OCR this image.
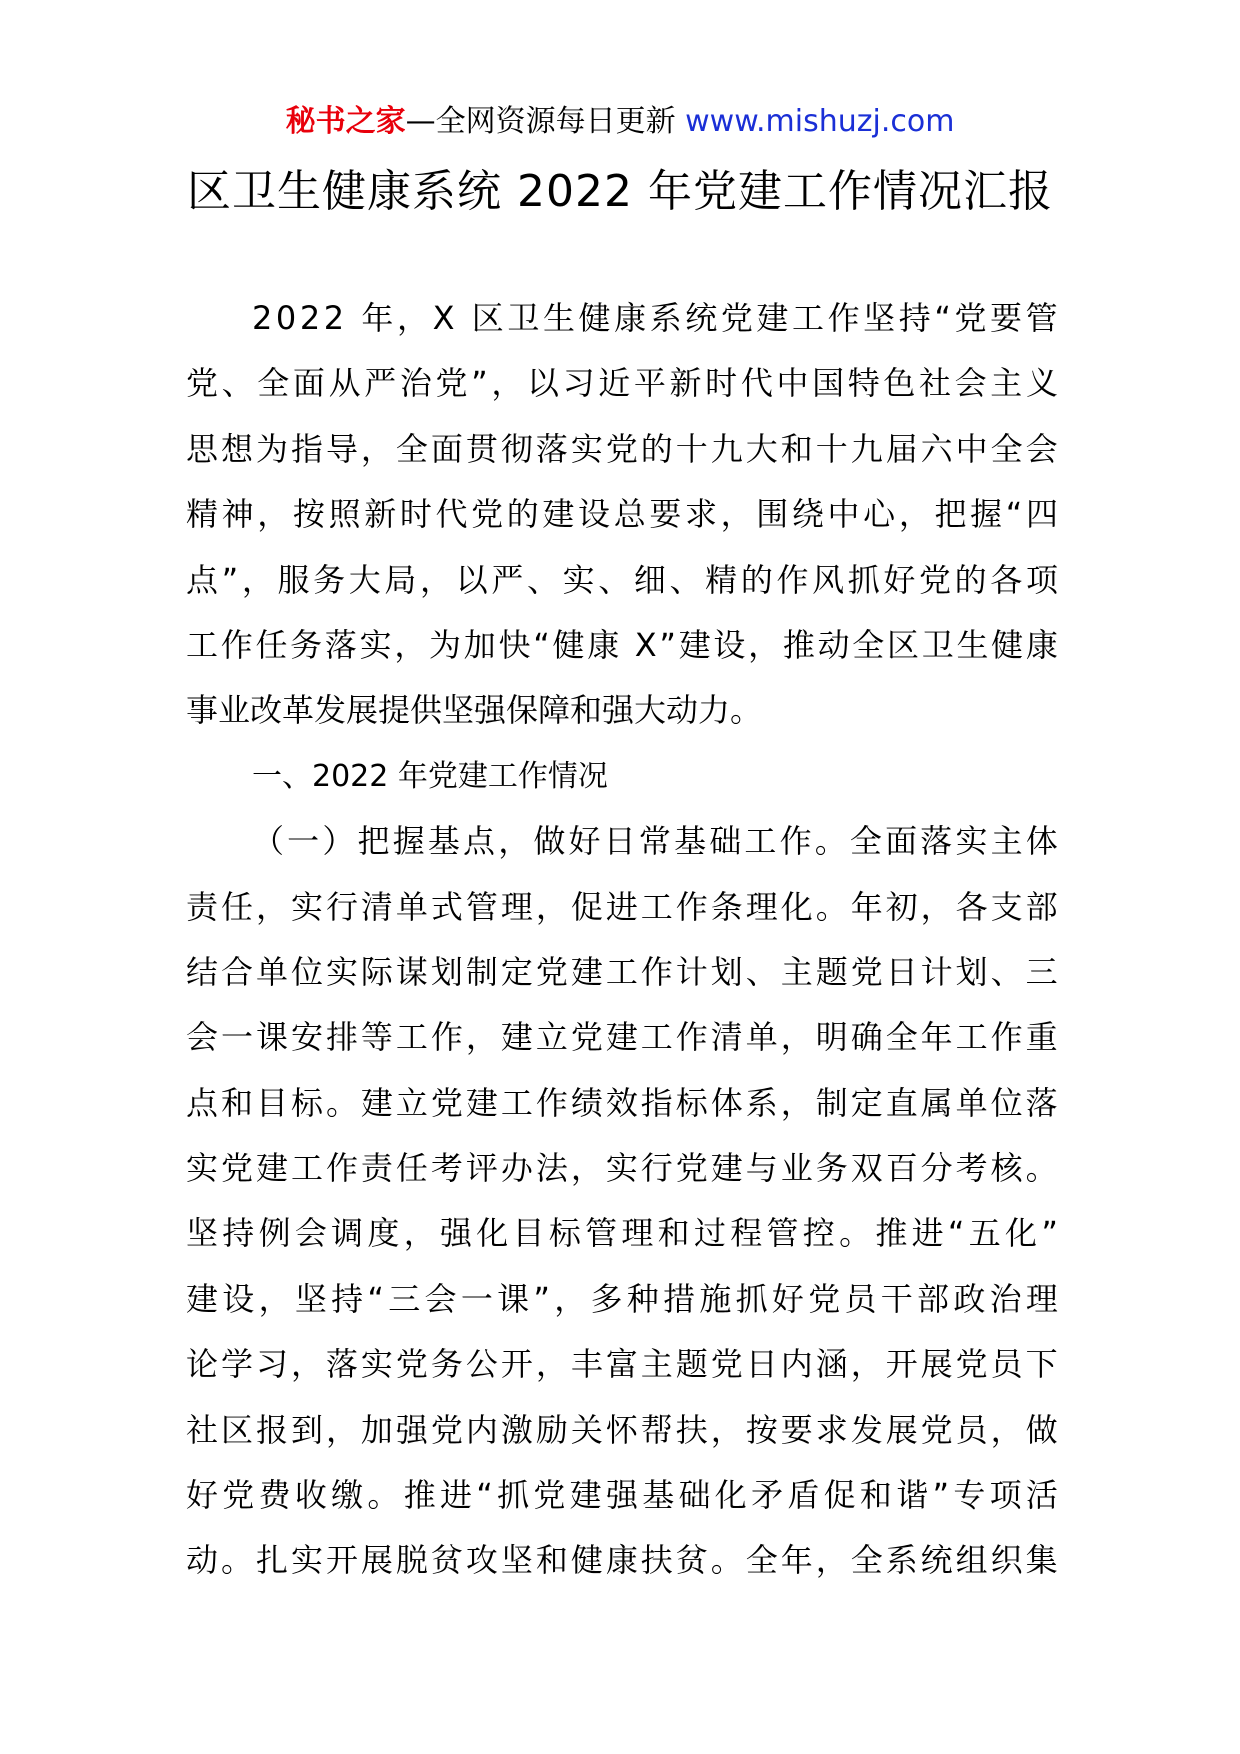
秘书之家—全网资源每日更新 www.mishuzj.com
区卫生健康系统 2022 年党建工作情况汇报
2 0 2 2
年 ， X
区 卫 生 健 康 系 统 党 建 工 作 坚 持 “ 党 要 管
党 、 全 面 从 严 治 党 ” ， 以 习 近 平 新 时 代 中 国 特 色 社 会 主 义
思 想 为 指 导 ， 全 面 贯 彻 落 实 党 的 十 九 大 和 十 九 届 六 中 全 会
精 神 ， 按 照 新 时 代 党 的 建 设 总 要 求 ， 围 绕 中 心 ， 把 握 “ 四
点 ” ， 服 务 大 局 ， 以 严 、 实 、 细 、 精 的 作 风 抓 好 党 的 各 项
工 作 任 务 落 实 ， 为 加 快 “ 健 康
X ” 建 设 ， 推 动 全 区 卫 生 健 康
事业改革发展提供坚强保障和强大动力。
一、2022 年党建工作情况
（ 一 ） 把 握 基 点 ， 做 好 日 常 基 础 工 作 。 全 面 落 实 主 体
责 任 ， 实 行 清 单 式 管 理 ， 促 进 工 作 条 理 化 。 年 初 ， 各 支 部
结 合 单 位 实 际 谋 划 制 定 党 建 工 作 计 划 、 主 题 党 日 计 划 、 三
会 一 课 安 排 等 工 作 ， 建 立 党 建 工 作 清 单 ， 明 确 全 年 工 作 重
点 和 目 标 。 建 立 党 建 工 作 绩 效 指 标 体 系 ， 制 定 直 属 单 位 落
实 党 建 工 作 责 任 考 评 办 法 ， 实 行 党 建 与 业 务 双 百 分 考 核 。
坚 持 例 会 调 度 ， 强 化 目 标 管 理 和 过 程 管 控 。 推 进 “ 五 化 ”
建 设 ， 坚 持 “ 三 会 一 课 ” ， 多 种 措 施 抓 好 党 员 干 部 政 治 理
论 学 习 ， 落 实 党 务 公 开 ， 丰 富 主 题 党 日 内 涵 ， 开 展 党 员 下
社 区 报 到 ， 加 强 党 内 激 励 关 怀 帮 扶 ， 按 要 求 发 展 党 员 ， 做
好 党 费 收 缴 。 推 进 “ 抓 党 建 强 基 础 化 矛 盾 促 和 谐 ” 专 项 活
动 。 扎 实 开 展 脱 贫 攻 坚 和 健 康 扶 贫 。 全 年 ， 全 系 统 组 织 集
